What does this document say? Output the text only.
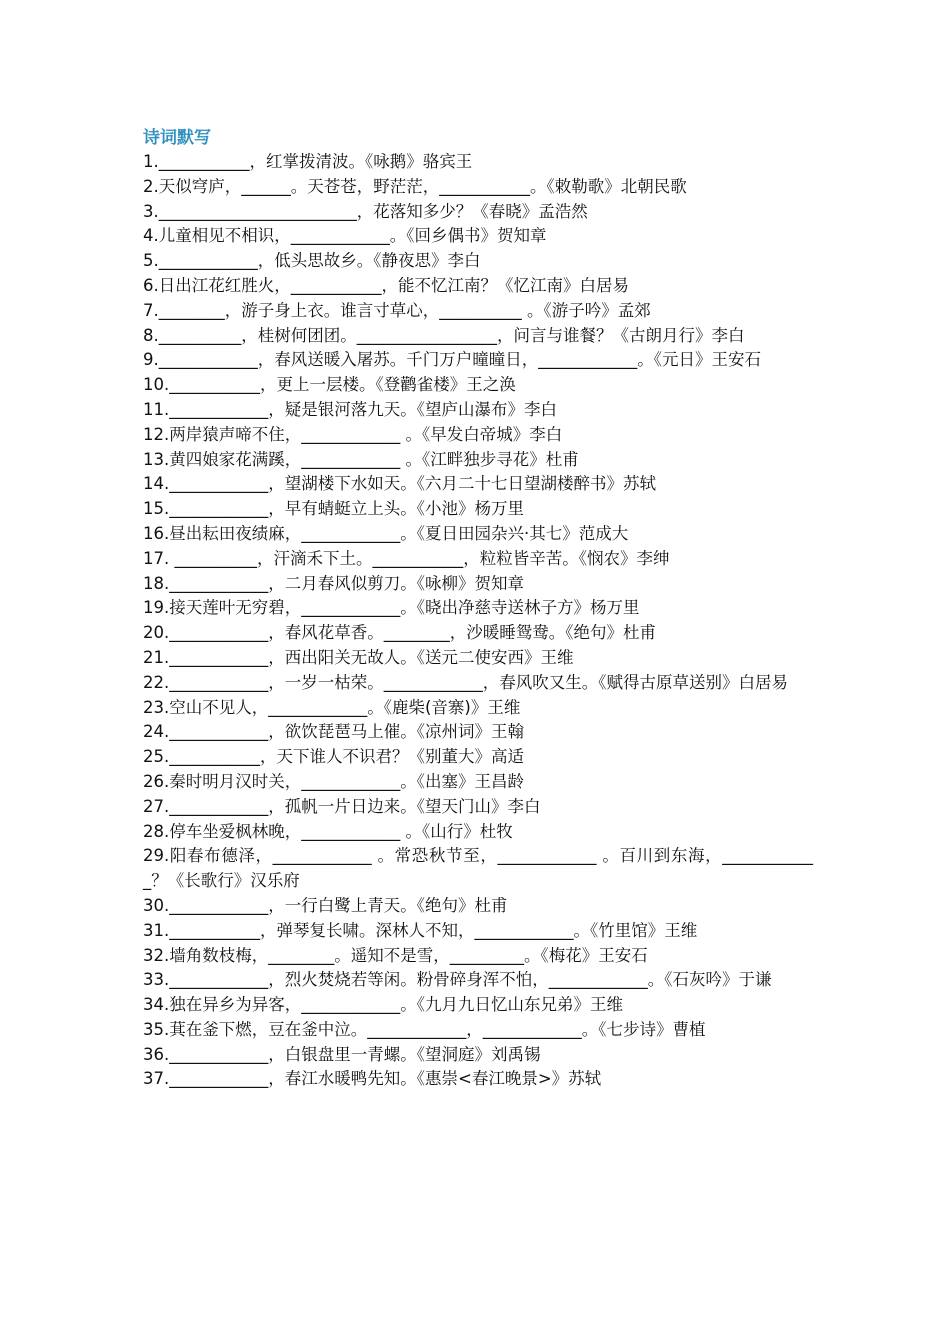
诗词默写
1.___________，红掌拨清波。《咏鹅》骆宾王
2.天似穹庐，______。天苍苍，野茫茫，___________。《敕勒歌》北朝民歌
3.________________________，花落知多少？《春晓》孟浩然
4.儿童相见不相识，____________。《回乡偶书》贺知章
5.____________，低头思故乡。《静夜思》李白
6.日出江花红胜火，___________，能不忆江南？《忆江南》白居易
7.________，游子身上衣。谁言寸草心，__________ 。《游子吟》孟郊
8.__________，桂树何团团。_________________，问言与谁餐？《古朗月行》李白
9.____________，春风送暖入屠苏。千门万户曈曈日，____________。《元日》王安石
10.___________，更上一层楼。《登鹳雀楼》王之涣
11.____________，疑是银河落九天。《望庐山瀑布》李白
12.两岸猿声啼不住，____________ 。《早发白帝城》李白
13.黄四娘家花满蹊，____________ 。《江畔独步寻花》杜甫
14.____________，望湖楼下水如天。《六月二十七日望湖楼醉书》苏轼
15.____________，早有蜻蜓立上头。《小池》杨万里
16.昼出耘田夜绩麻，____________。《夏日田园杂兴·其七》范成大
17. __________，汗滴禾下土。___________，粒粒皆辛苦。《悯农》李绅
18.____________，二月春风似剪刀。《咏柳》贺知章
19.接天莲叶无穷碧，____________。《晓出净慈寺送林子方》杨万里
20.____________，春风花草香。________，沙暖睡鸳鸯。《绝句》杜甫
21.____________，西出阳关无故人。《送元二使安西》王维
22.____________，一岁一枯荣。____________，春风吹又生。《赋得古原草送别》白居易
23.空山不见人，____________。《鹿柴(音寨)》王维
24.____________，欲饮琵琶马上催。《凉州词》王翰
25.___________，天下谁人不识君？《别董大》高适
26.秦时明月汉时关，____________。《出塞》王昌龄
27.____________，孤帆一片日边来。《望天门山》李白
28.停车坐爱枫林晚，____________ 。《山行》杜牧
29.阳春布德泽，____________ 。常恐秋节至，____________ 。百川到东海，____________？《长歌行》汉乐府
30.____________，一行白鹭上青天。《绝句》杜甫
31.___________，弹琴复长啸。深林人不知，____________。《竹里馆》王维
32.墙角数枝梅，________。遥知不是雪，_________。《梅花》王安石
33.____________，烈火焚烧若等闲。粉骨碎身浑不怕，____________。《石灰吟》于谦
34.独在异乡为异客，____________。《九月九日忆山东兄弟》王维
35.萁在釜下燃，豆在釜中泣。____________，____________。《七步诗》曹植
36.____________，白银盘里一青螺。《望洞庭》刘禹锡
37.____________，春江水暖鸭先知。《惠崇<春江晚景>》苏轼
